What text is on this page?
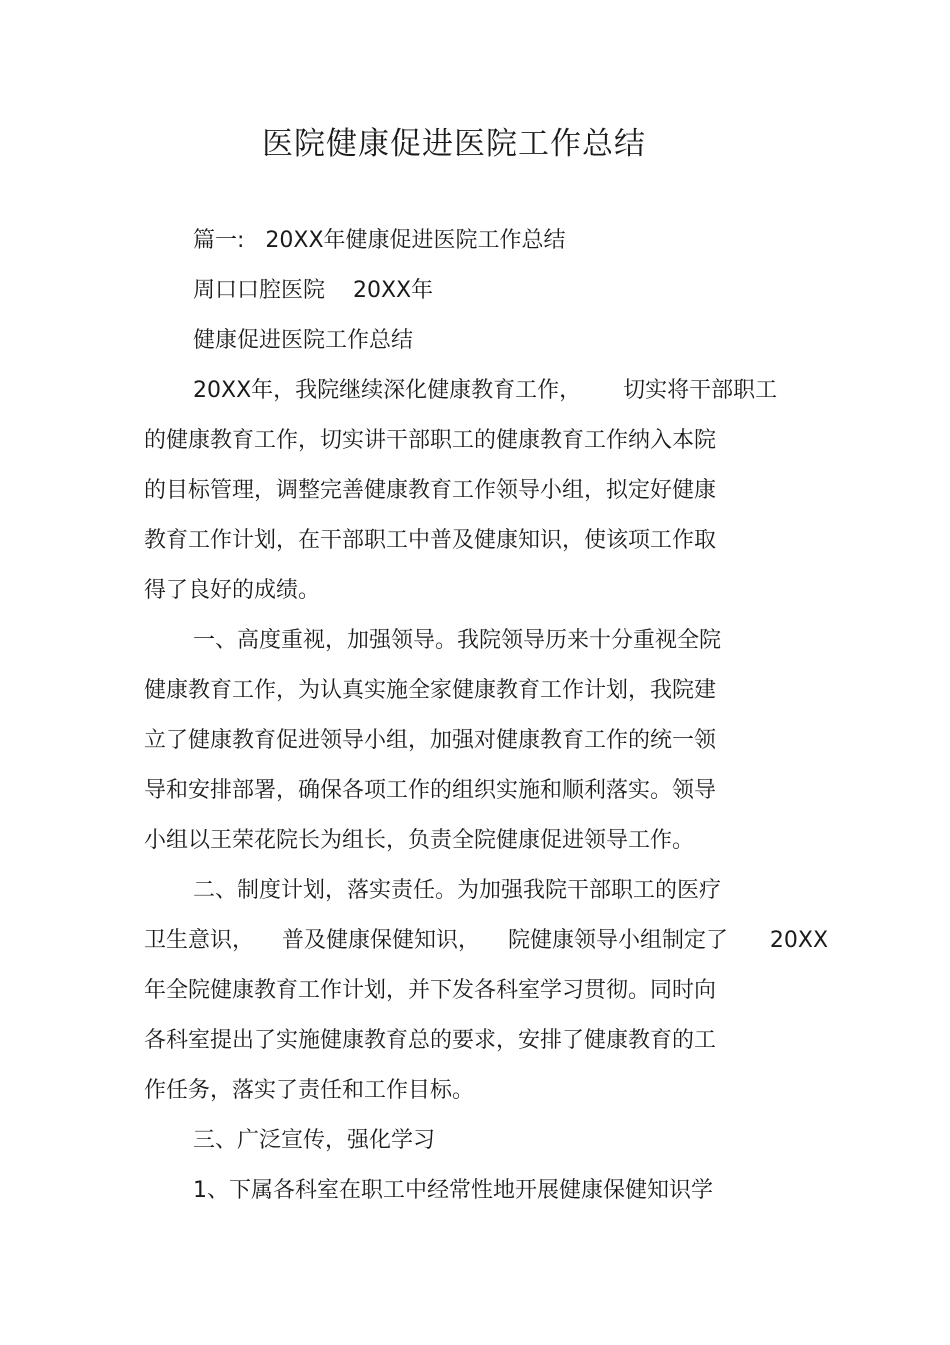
医院健康促进医院工作总结
篇一:   20XX年健康促进医院工作总结
周口口腔医院    20XX年
健康促进医院工作总结
20XX年，我院继续深化健康教育工作，      切实将干部职工
的健康教育工作，切实讲干部职工的健康教育工作纳入本院
的目标管理，调整完善健康教育工作领导小组，拟定好健康
教育工作计划，在干部职工中普及健康知识，使该项工作取
得了良好的成绩。
一、高度重视，加强领导。我院领导历来十分重视全院
健康教育工作，为认真实施全家健康教育工作计划，我院建
立了健康教育促进领导小组，加强对健康教育工作的统一领
导和安排部署，确保各项工作的组织实施和顺利落实。领导
小组以王荣花院长为组长，负责全院健康促进领导工作。
二、制度计划，落实责任。为加强我院干部职工的医疗
卫生意识，    普及健康保健知识，    院健康领导小组制定了      20XX
年全院健康教育工作计划，并下发各科室学习贯彻。同时向
各科室提出了实施健康教育总的要求，安排了健康教育的工
作任务，落实了责任和工作目标。
三、广泛宣传，强化学习
1、下属各科室在职工中经常性地开展健康保健知识学
